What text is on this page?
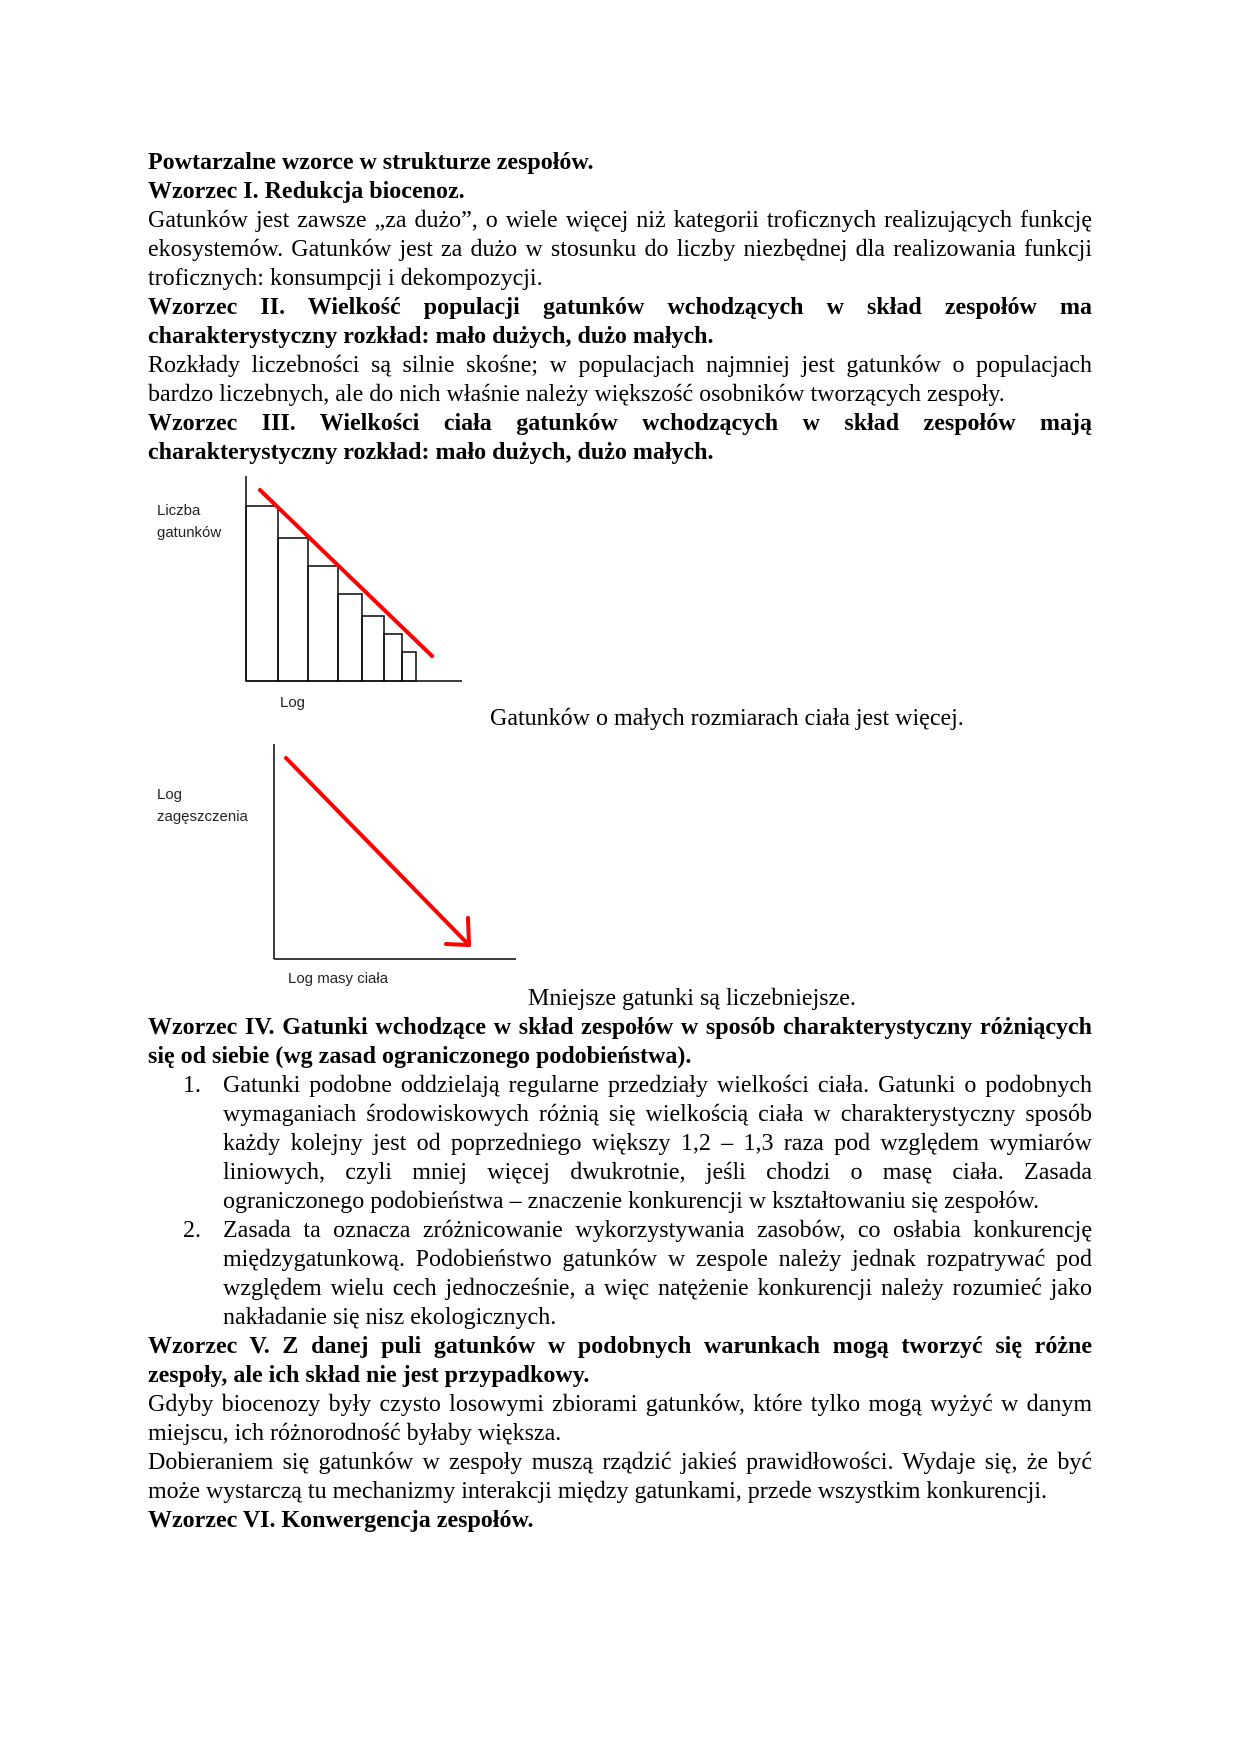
Powtarzalne wzorce w strukturze zespołów.

Wzorzec I. Redukcja biocenoz.

Gatunków jest zawsze „za dużo”, o wiele więcej niż kategorii troficznych realizujących funkcję ekosystemów. Gatunków jest za dużo w stosunku do liczby niezbędnej dla realizowania funkcji troficznych: konsumpcji i dekompozycji.

Wzorzec II. Wielkość populacji gatunków wchodzących w skład zespołów ma charakterystyczny rozkład: mało dużych, dużo małych.

Rozkłady liczebności są silnie skośne; w populacjach najmniej jest gatunków o populacjach bardzo liczebnych, ale do nich właśnie należy większość osobników tworzących zespoły.

Wzorzec III. Wielkości ciała gatunków wchodzących w skład zespołów mają charakterystyczny rozkład: mało dużych, dużo małych.

Liczba
gatunków
Log
Gatunków o małych rozmiarach ciała jest więcej.
Log
zagęszczenia
Log masy ciała
Mniejsze gatunki są liczebniejsze.

Wzorzec IV. Gatunki wchodzące w skład zespołów w sposób charakterystyczny różniących się od siebie (wg zasad ograniczonego podobieństwa).

1. Gatunki podobne oddzielają regularne przedziały wielkości ciała. Gatunki o podobnych wymaganiach środowiskowych różnią się wielkością ciała w charakterystyczny sposób każdy kolejny jest od poprzedniego większy 1,2 – 1,3 raza pod względem wymiarów liniowych, czyli mniej więcej dwukrotnie, jeśli chodzi o masę ciała. Zasada ograniczonego podobieństwa – znaczenie konkurencji w kształtowaniu się zespołów.
2. Zasada ta oznacza zróżnicowanie wykorzystywania zasobów, co osłabia konkurencję międzygatunkową. Podobieństwo gatunków w zespole należy jednak rozpatrywać pod względem wielu cech jednocześnie, a więc natężenie konkurencji należy rozumieć jako nakładanie się nisz ekologicznych.

Wzorzec V. Z danej puli gatunków w podobnych warunkach mogą tworzyć się różne zespoły, ale ich skład nie jest przypadkowy.

Gdyby biocenozy były czysto losowymi zbiorami gatunków, które tylko mogą wyżyć w danym miejscu, ich różnorodność byłaby większa.

Dobieraniem się gatunków w zespoły muszą rządzić jakieś prawidłowości. Wydaje się, że być może wystarczą tu mechanizmy interakcji między gatunkami, przede wszystkim konkurencji.

Wzorzec VI. Konwergencja zespołów.
